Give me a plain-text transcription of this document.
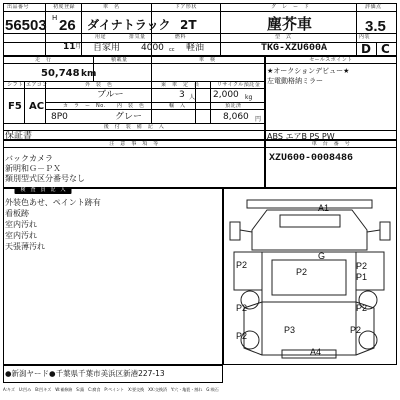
出品番号	初度登録	車　名	ドア形状	グ　レ　ー　ド	評価点
56503 H 26 ダイナトラック 2T	塵芥車	3.5
11 月
用途	排気量	燃料	型　式	内装
自家用 4000 cc 軽油	TKG-XZU600A	D C
走　行	積載量	車　検
50,748 km
シフト エアコン	外　装　色	乗　車　定　員	リサイクル預託金
F5 AC
ブルー	3 人 2,000 kg
カ　ラ　ー　No. 内　装　色	輸　入	預託済
8P0	グレー	8,060 円
後　付　装　備　記　入
保証書
セールスポイント
★オークションデビュー★
左電動格納ミラー
ABS エアB PS PW
注　意　事　項　等
バックカメラ
新明和Ｇ－ＰＸ
類別型式区分番号なし
車　台　番　号
XZU600-0008486
検　査　員　記　入
外装色あせ、ペイント跡有
看板跡
室内汚れ
室内汚れ
天張薄汚れ
●新潟ヤード●千葉県千葉市美浜区新港227-13
A:キズ　U:凹み　B:凹キズ　W:補修跡　S:錆　C:腐食　P:ペイント　X:要交換　XX:交換済　Y:穴・亀裂・割れ　G:飛石
A1
G
P2	P2
P2	P1
P2	P2
P3
P2
P2
A4
